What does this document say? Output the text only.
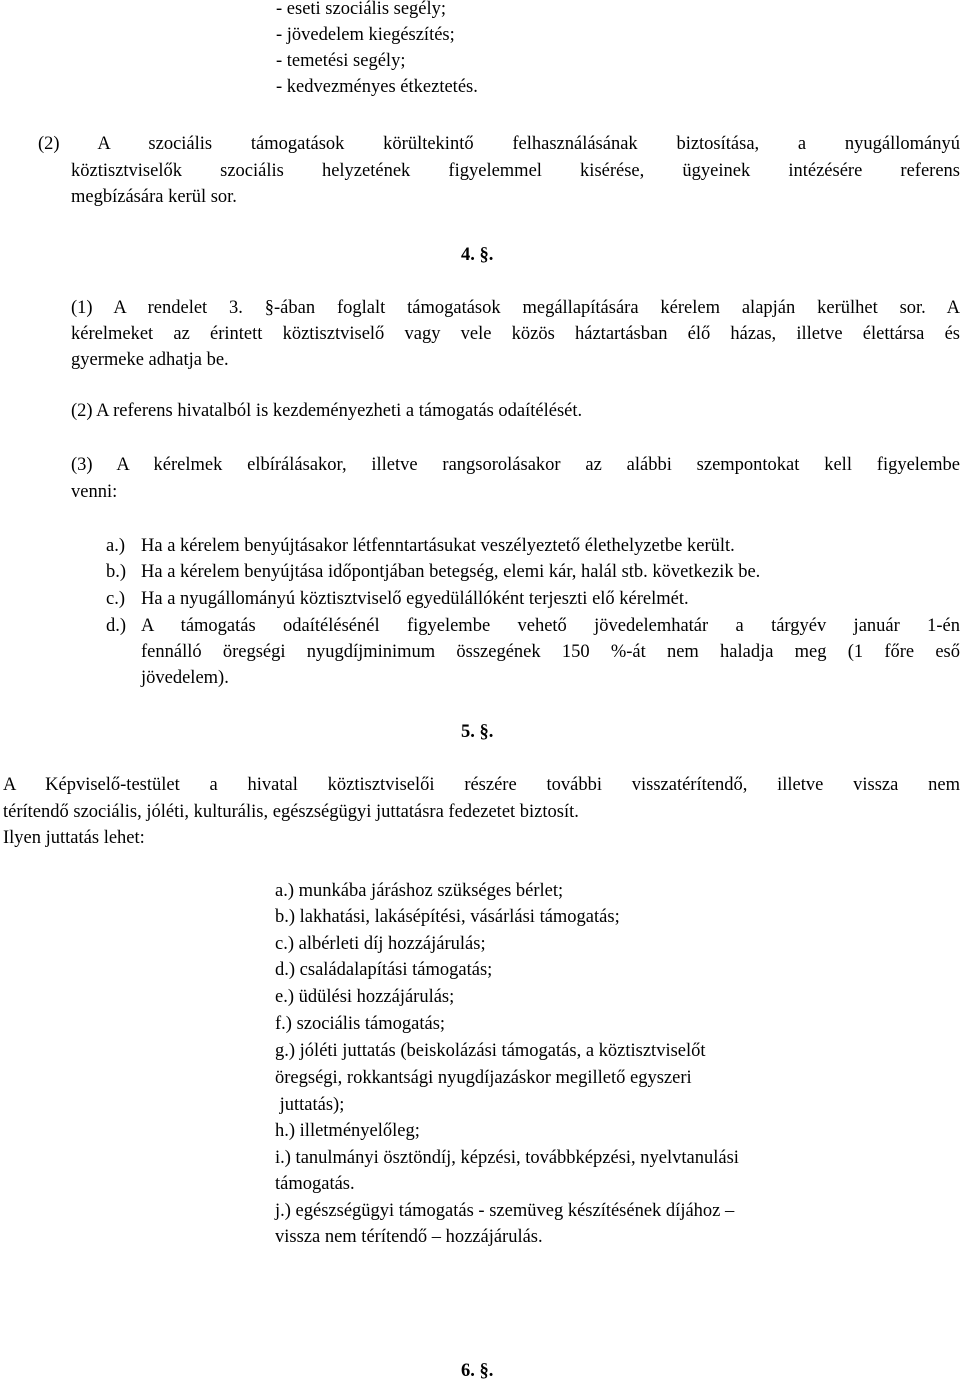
- eseti szociális segély;
- jövedelem kiegészítés;
- temetési segély;
- kedvezményes étkeztetés.
(2) A szociális támogatások körültekintő felhasználásának biztosítása, a nyugállományú
köztisztviselők szociális helyzetének figyelemmel kisérése, ügyeinek intézésére referens
megbízására kerül sor.
4. §.
(1) A rendelet 3. §-ában foglalt támogatások megállapítására kérelem alapján kerülhet sor. A
kérelmeket az érintett köztisztviselő vagy vele közös háztartásban élő házas, illetve élettársa és
gyermeke adhatja be.
(2) A referens hivatalból is kezdeményezheti a támogatás odaítélését.
(3) A kérelmek elbírálásakor, illetve rangsorolásakor az alábbi szempontokat kell figyelembe
venni:
a.) Ha a kérelem benyújtásakor létfenntartásukat veszélyeztető élethelyzetbe került.
b.) Ha a kérelem benyújtása időpontjában betegség, elemi kár, halál stb. következik be.
c.) Ha a nyugállományú köztisztviselő egyedülállóként terjeszti elő kérelmét.
d.) A támogatás odaítélésénél figyelembe vehető jövedelemhatár a tárgyév január 1-én
fennálló öregségi nyugdíjminimum összegének 150 %-át nem haladja meg (1 főre eső
jövedelem).
5. §.
A Képviselő-testület a hivatal köztisztviselői részére további visszatérítendő, illetve vissza nem
térítendő szociális, jóléti, kulturális, egészségügyi juttatásra fedezetet biztosít.
Ilyen juttatás lehet:
a.) munkába járáshoz szükséges bérlet;
b.) lakhatási, lakásépítési, vásárlási támogatás;
c.) albérleti díj hozzájárulás;
d.) családalapítási támogatás;
e.) üdülési hozzájárulás;
f.) szociális támogatás;
g.) jóléti juttatás (beiskolázási támogatás, a köztisztviselőt
öregségi, rokkantsági nyugdíjazáskor megillető egyszeri
juttatás);
h.) illetményelőleg;
i.) tanulmányi ösztöndíj, képzési, továbbképzési, nyelvtanulási
támogatás.
j.) egészségügyi támogatás - szemüveg készítésének díjához –
vissza nem térítendő – hozzájárulás.
6. §.
